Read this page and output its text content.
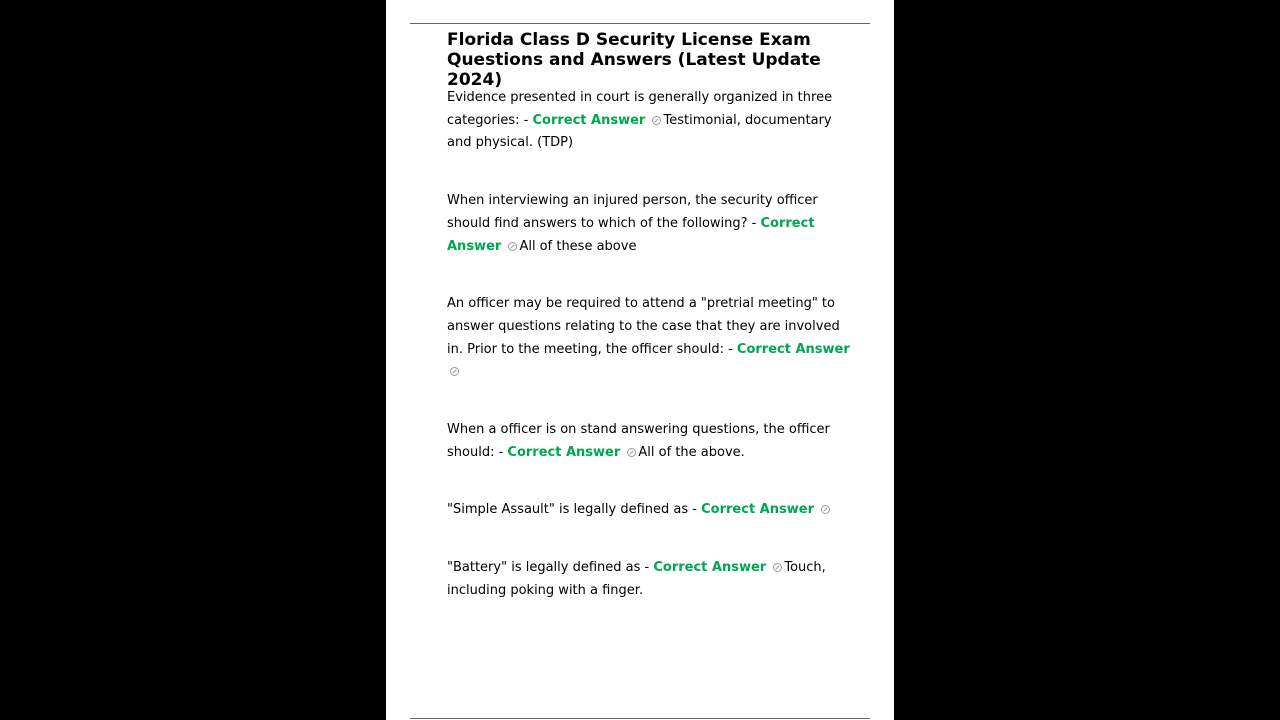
Florida Class D Security License Exam Questions and Answers (Latest Update 2024)

Evidence presented in court is generally organized in three categories: - Correct Answer Testimonial, documentary and physical. (TDP)

When interviewing an injured person, the security officer should find answers to which of the following? - Correct Answer All of these above

An officer may be required to attend a "pretrial meeting" to answer questions relating to the case that they are involved in. Prior to the meeting, the officer should: - Correct Answer

When a officer is on stand answering questions, the officer should: - Correct Answer All of the above.

"Simple Assault" is legally defined as - Correct Answer

"Battery" is legally defined as - Correct Answer Touch, including poking with a finger.
